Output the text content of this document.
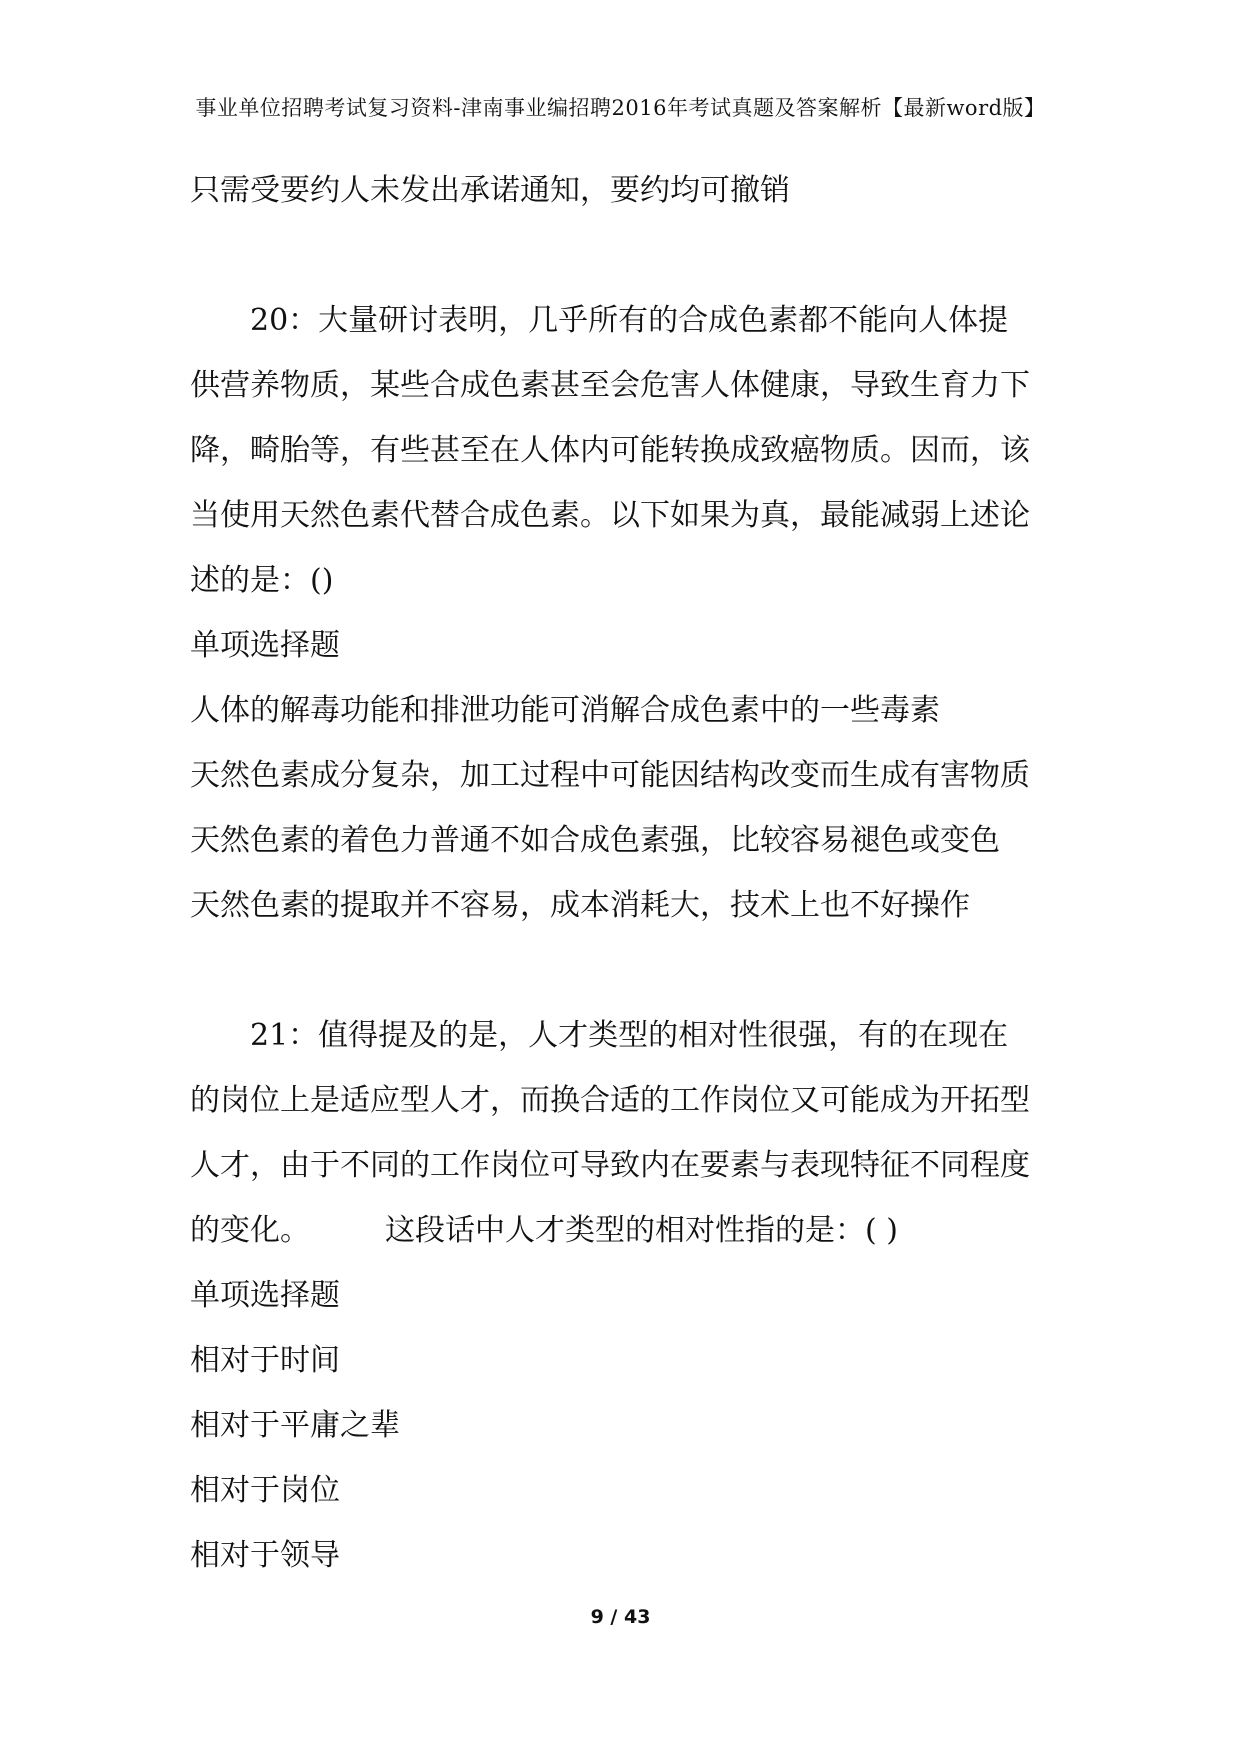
事业单位招聘考试复习资料-津南事业编招聘2016年考试真题及答案解析【最新word版】
只需受要约人未发出承诺通知，要约均可撤销
20：大量研讨表明，几乎所有的合成色素都不能向人体提
供营养物质，某些合成色素甚至会危害人体健康，导致生育力下
降，畸胎等，有些甚至在人体内可能转换成致癌物质。因而，该
当使用天然色素代替合成色素。以下如果为真，最能减弱上述论
述的是：()
单项选择题
人体的解毒功能和排泄功能可消解合成色素中的一些毒素
天然色素成分复杂，加工过程中可能因结构改变而生成有害物质
天然色素的着色力普通不如合成色素强，比较容易褪色或变色
天然色素的提取并不容易，成本消耗大，技术上也不好操作
21：值得提及的是，人才类型的相对性很强，有的在现在
的岗位上是适应型人才，而换合适的工作岗位又可能成为开拓型
人才，由于不同的工作岗位可导致内在要素与表现特征不同程度
的变化。　　　这段话中人才类型的相对性指的是：( )
单项选择题
相对于时间
相对于平庸之辈
相对于岗位
相对于领导
9 / 43
